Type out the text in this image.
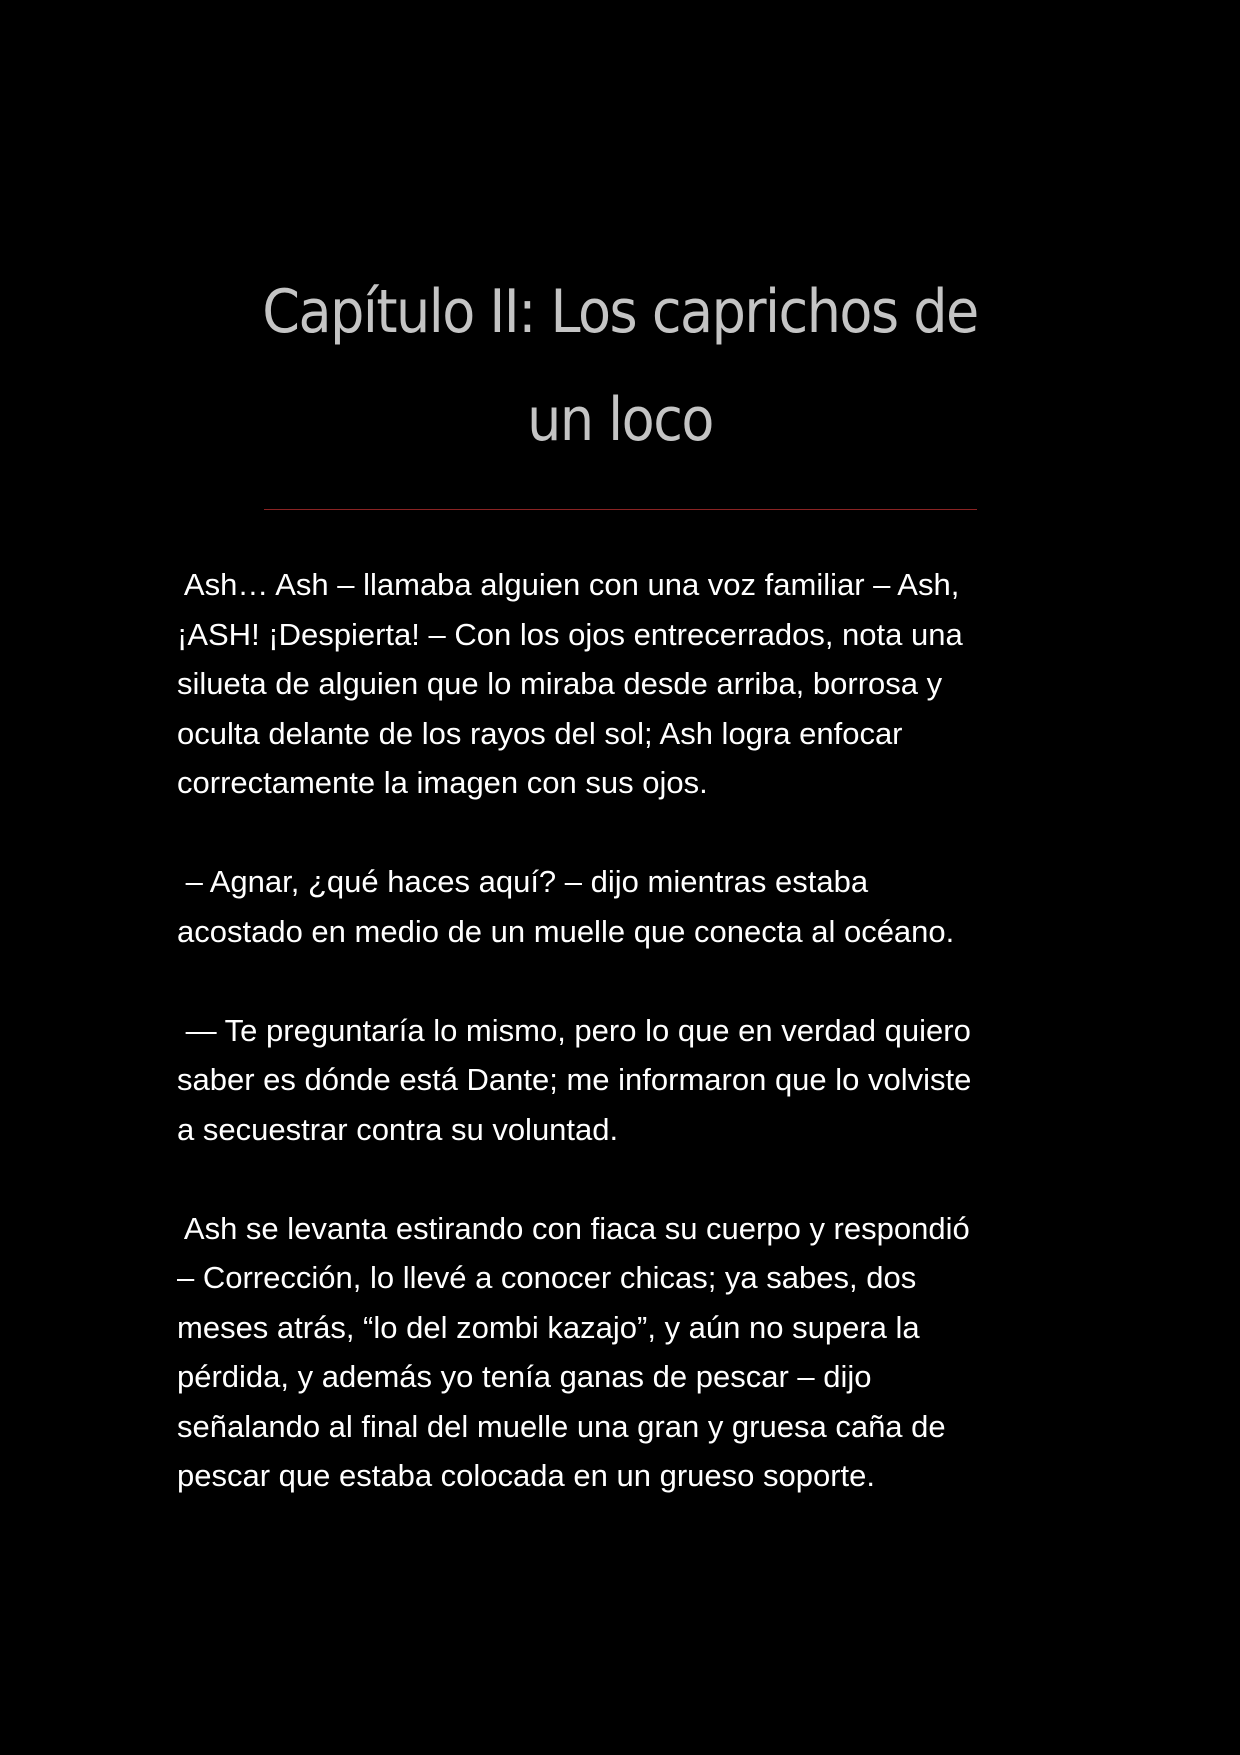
Capítulo II: Los caprichos de
un loco

Ash… Ash – llamaba alguien con una voz familiar – Ash,
¡ASH! ¡Despierta! – Con los ojos entrecerrados, nota una
silueta de alguien que lo miraba desde arriba, borrosa y
oculta delante de los rayos del sol; Ash logra enfocar
correctamente la imagen con sus ojos.

– Agnar, ¿qué haces aquí? – dijo mientras estaba
acostado en medio de un muelle que conecta al océano.

— Te preguntaría lo mismo, pero lo que en verdad quiero
saber es dónde está Dante; me informaron que lo volviste
a secuestrar contra su voluntad.

Ash se levanta estirando con fiaca su cuerpo y respondió
– Corrección, lo llevé a conocer chicas; ya sabes, dos
meses atrás, “lo del zombi kazajo”, y aún no supera la
pérdida, y además yo tenía ganas de pescar – dijo
señalando al final del muelle una gran y gruesa caña de
pescar que estaba colocada en un grueso soporte.
